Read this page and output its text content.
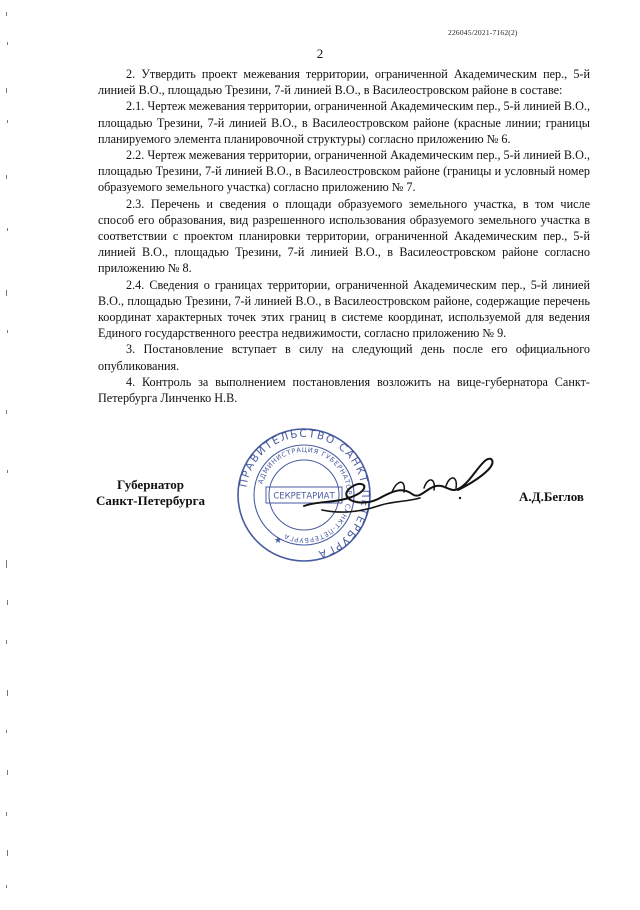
226045/2021-7162(2)
2

2. Утвердить проект межевания территории, ограниченной Академическим пер., 5-й линией В.О., площадью Трезини, 7-й линией В.О., в Василеостровском районе в составе:

2.1. Чертеж межевания территории, ограниченной Академическим пер., 5-й линией В.О., площадью Трезини, 7-й линией В.О., в Василеостровском районе (красные линии; границы планируемого элемента планировочной структуры) согласно приложению № 6.

2.2. Чертеж межевания территории, ограниченной Академическим пер., 5-й линией В.О., площадью Трезини, 7-й линией В.О., в Василеостровском районе (границы и условный номер образуемого земельного участка) согласно приложению № 7.

2.3. Перечень и сведения о площади образуемого земельного участка, в том числе способ его образования, вид разрешенного использования образуемого земельного участка в соответствии с проектом планировки территории, ограниченной Академическим пер., 5-й линией В.О., площадью Трезини, 7-й линией В.О., в Василеостровском районе согласно приложению № 8.

2.4. Сведения о границах территории, ограниченной Академическим пер., 5-й линией В.О., площадью Трезини, 7-й линией В.О., в Василеостровском районе, содержащие перечень координат характерных точек этих границ в системе координат, используемой для ведения Единого государственного реестра недвижимости, согласно приложению № 9.

3. Постановление вступает в силу на следующий день после его официального опубликования.

4. Контроль за выполнением постановления возложить на вице-губернатора Санкт-Петербурга Линченко Н.В.

Губернатор
Санкт-Петербурга
ПРАВИТЕЛЬСТВО САНКТ-ПЕТЕРБУРГА
АДМИНИСТРАЦИЯ ГУБЕРНАТОРА САНКТ-ПЕТЕРБУРГА
СЕКРЕТАРИАТ
★
А.Д.Беглов
